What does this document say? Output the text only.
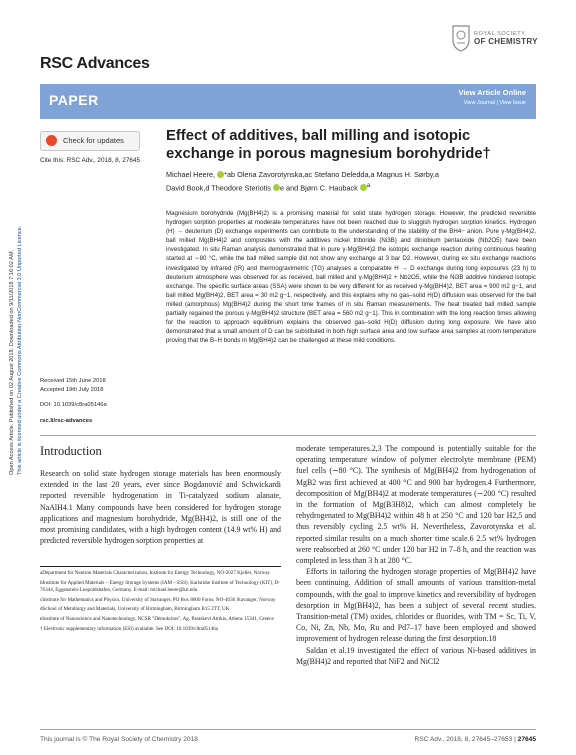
Open Access Article. Published on 02 August 2018. Downloaded on 9/11/2018 7:16:02 AM. This article is licensed under a Creative Commons Attribution-NonCommercial 3.0 Unported Licence.
RSC Advances
ROYAL SOCIETY
OF CHEMISTRY
PAPER	View Article Online
View Journal | View Issue
Check for updates
Cite this: RSC Adv., 2018, 8, 27645
Effect of additives, ball milling and isotopic exchange in porous magnesium borohydride†
Michael Heere, *ab Olena Zavorotynska,ac Stefano Deledda,a Magnus H. Sørby,a
David Book,d Theodore Steriotis e and Bjørn C. Hauback $^a$
Magnesium borohydride (Mg(BH4)2) is a promising material for solid state hydrogen storage. However, the predicted reversible hydrogen sorption properties at moderate temperatures have not been reached due to sluggish hydrogen sorption kinetics. Hydrogen (H) → deuterium (D) exchange experiments can contribute to the understanding of the stability of the BH4− anion. Pure γ-Mg(BH4)2, ball milled Mg(BH4)2 and composites with the additives nickel triboride (Ni3B) and diniobium pentaoxide (Nb2O5) have been investigated. In situ Raman analysis demonstrated that in pure γ-Mg(BH4)2 the isotopic exchange reaction during continuous heating started at ∼80 °C, while the ball milled sample did not show any exchange at 3 bar D2. However, during ex situ exchange reactions investigated by infrared (IR) and thermogravimetric (TG) analyses a comparable H → D exchange during long exposures (23 h) to deuterium atmosphere was observed for as received, ball milled and γ-Mg(BH4)2 + Nb2O5, while the Ni3B additive hindered isotopic exchange. The specific surface areas (SSA) were shown to be very different for as received γ-Mg(BH4)2, BET area = 900 m2 g−1, and ball milled Mg(BH4)2, BET area = 30 m2 g−1, respectively, and this explains why no gas–solid H(D) diffusion was observed for the ball milled (amorphous) Mg(BH4)2 during the short time frames of in situ Raman measurements. The heat treated ball milled sample partially regained the porous γ-Mg(BH4)2 structure (BET area = 560 m2 g−1). This in combination with the long reaction times allowing for the reaction to approach equilibrium explains the observed gas–solid H(D) diffusion during long exposure. We have also demonstrated that a small amount of D can be substituted in both high surface area and low surface area samples at room temperature proving that the B–H bonds in Mg(BH4)2 can be challenged at these mild conditions.
Received 15th June 2018
Accepted 19th July 2018
DOI: 10.1039/c8ra05146a
rsc.li/rsc-advances
Introduction
Research on solid state hydrogen storage materials has been enormously extended in the last 20 years, ever since Bogdanović and Schwickardi reported reversible hydrogenation in Ti-catalyzed sodium alanate, NaAlH4.1 Many compounds have been considered for hydrogen storage applications and magnesium borohydride, Mg(BH4)2, is still one of the most promising candidates, with a high hydrogen content (14.9 wt% H) and predicted reversible hydrogen sorption properties at

moderate temperatures.2,3 The compound is potentially suitable for the operating temperature window of polymer electrolyte membrane (PEM) fuel cells (∼80 °C). The synthesis of Mg(BH4)2 from hydrogenation of MgB2 was first achieved at 400 °C and 900 bar hydrogen.4 Furthermore, decomposition of Mg(BH4)2 at moderate temperatures (∼200 °C) resulted in the formation of Mg(B3H8)2, which can almost completely be rehydrogenated to Mg(BH4)2 within 48 h at 250 °C and 120 bar H2,5 and thus reversibly cycling 2.5 wt% H. Nevertheless, Zavorotynska et al. reported similar results on a much shorter time scale.6 2.5 wt% hydrogen were reabsorbed at 260 °C under 120 bar H2 in 7–8 h, and the reaction was completed in less than 3 h at 280 °C.

Efforts in tailoring the hydrogen storage properties of Mg(BH4)2 have been continuing. Addition of small amounts of various transition-metal compounds, with the goal to improve kinetics and reversibility of hydrogen desorption in Mg(BH4)2, has been a subject of several recent studies. Transition-metal (TM) oxides, chlorides or fluorides, with TM = Sc, Ti, V, Co, Ni, Zn, Nb, Mo, Ru and Pd7–17 have been employed and showed improvement of hydrogen release during the first desorption.18

Saldan et al.19 investigated the effect of various Ni-based additives in Mg(BH4)2 and reported that NiF2 and NiCl2

aDepartment for Neutron Materials Characterization, Institute for Energy Technology, NO-2027 Kjeller, Norway

bInstitute for Applied Materials – Energy Storage Systems (IAM – ESS), Karlsruhe Institute of Technology (KIT), D-76344, Eggenstein-Leopoldshafen, Germany. E-mail: michael.heere@kit.edu

cInstitute for Mathematics and Physics, University of Stavanger, PO Box 8600 Forus, NO-4036 Stavanger, Norway

dSchool of Metallurgy and Materials, University of Birmingham, Birmingham B15 2TT, UK

eInstitute of Nanoscience and Nanotechnology, NCSR "Demokritos", Ag. Paraskevi Attikis, Athens 15341, Greece

† Electronic supplementary information (ESI) available. See DOI: 10.1039/c8ra05146a

This journal is © The Royal Society of Chemistry 2018	RSC Adv., 2018, 8, 27645–27653 | 27645
